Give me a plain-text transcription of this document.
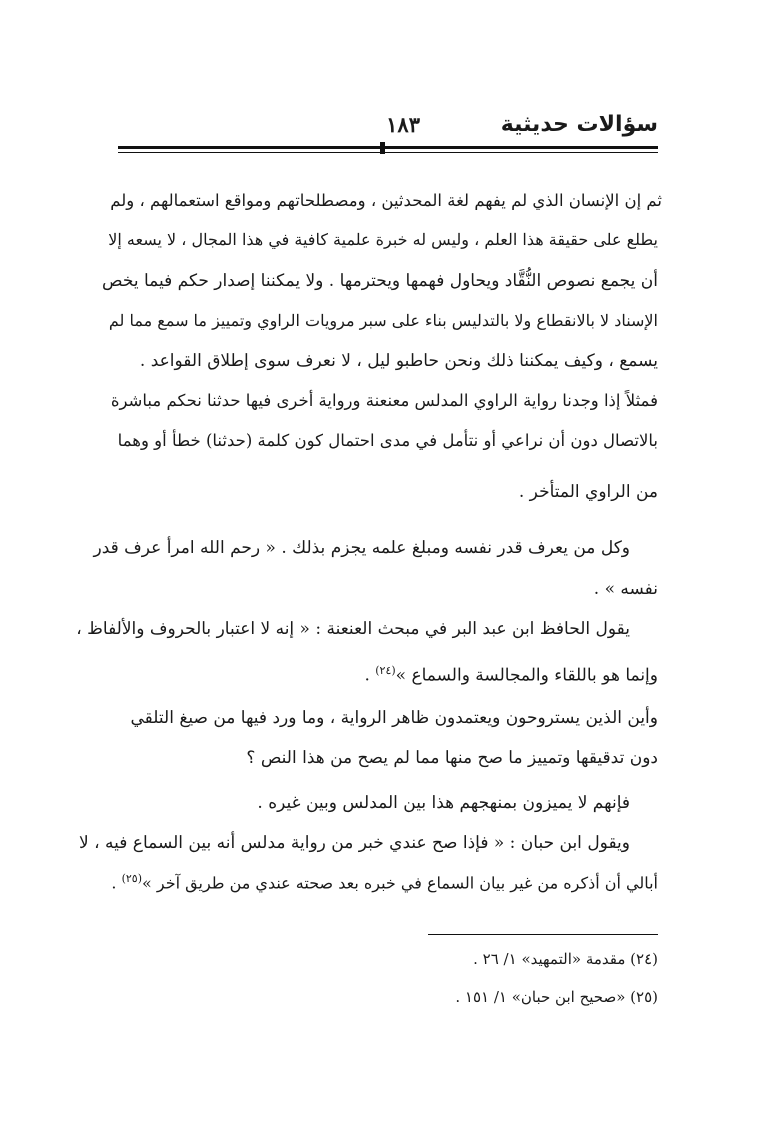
سؤالات حديثية
١٨٣
ثم إن الإنسان الذي لم يفهم لغة المحدثين ، ومصطلحاتهم ومواقع استعمالهم ، ولم
يطلع على حقيقة هذا العلم ، وليس له خبرة علمية كافية في هذا المجال ، لا يسعه إلا
أن يجمع نصوص النُّقَّاد ويحاول فهمها ويحترمها . ولا يمكننا إصدار حكم فيما يخص
الإسناد لا بالانقطاع ولا بالتدليس بناء على سبر مرويات الراوي وتمييز ما سمع مما لم
يسمع ، وكيف يمكننا ذلك ونحن حاطبو ليل ، لا نعرف سوى إطلاق القواعد .
فمثلاً إذا وجدنا رواية الراوي المدلس معنعنة ورواية أخرى فيها حدثنا نحكم مباشرة
بالاتصال دون أن نراعي أو نتأمل في مدى احتمال كون كلمة (حدثنا) خطأ أو وهما
من الراوي المتأخر .
وكل من يعرف قدر نفسه ومبلغ علمه يجزم بذلك . « رحم الله امرأ عرف قدر
نفسه » .
يقول الحافظ ابن عبد البر في مبحث العنعنة : « إنه لا اعتبار بالحروف والألفاظ ،
وإنما هو باللقاء والمجالسة والسماع »$^{(٢٤)}$ .
وأين الذين يستروحون ويعتمدون ظاهر الرواية ، وما ورد فيها من صيغ التلقي
دون تدقيقها وتمييز ما صح منها مما لم يصح من هذا النص ؟
فإنهم لا يميزون بمنهجهم هذا بين المدلس وبين غيره .
ويقول ابن حبان : « فإذا صح عندي خبر من رواية مدلس أنه بين السماع فيه ، لا
أبالي أن أذكره من غير بيان السماع في خبره بعد صحته عندي من طريق آخر »$^{(٢٥)}$ .
(٢٤) مقدمة «التمهيد» ١/ ٢٦ .
(٢٥) «صحيح ابن حبان» ١/ ١٥١ .
